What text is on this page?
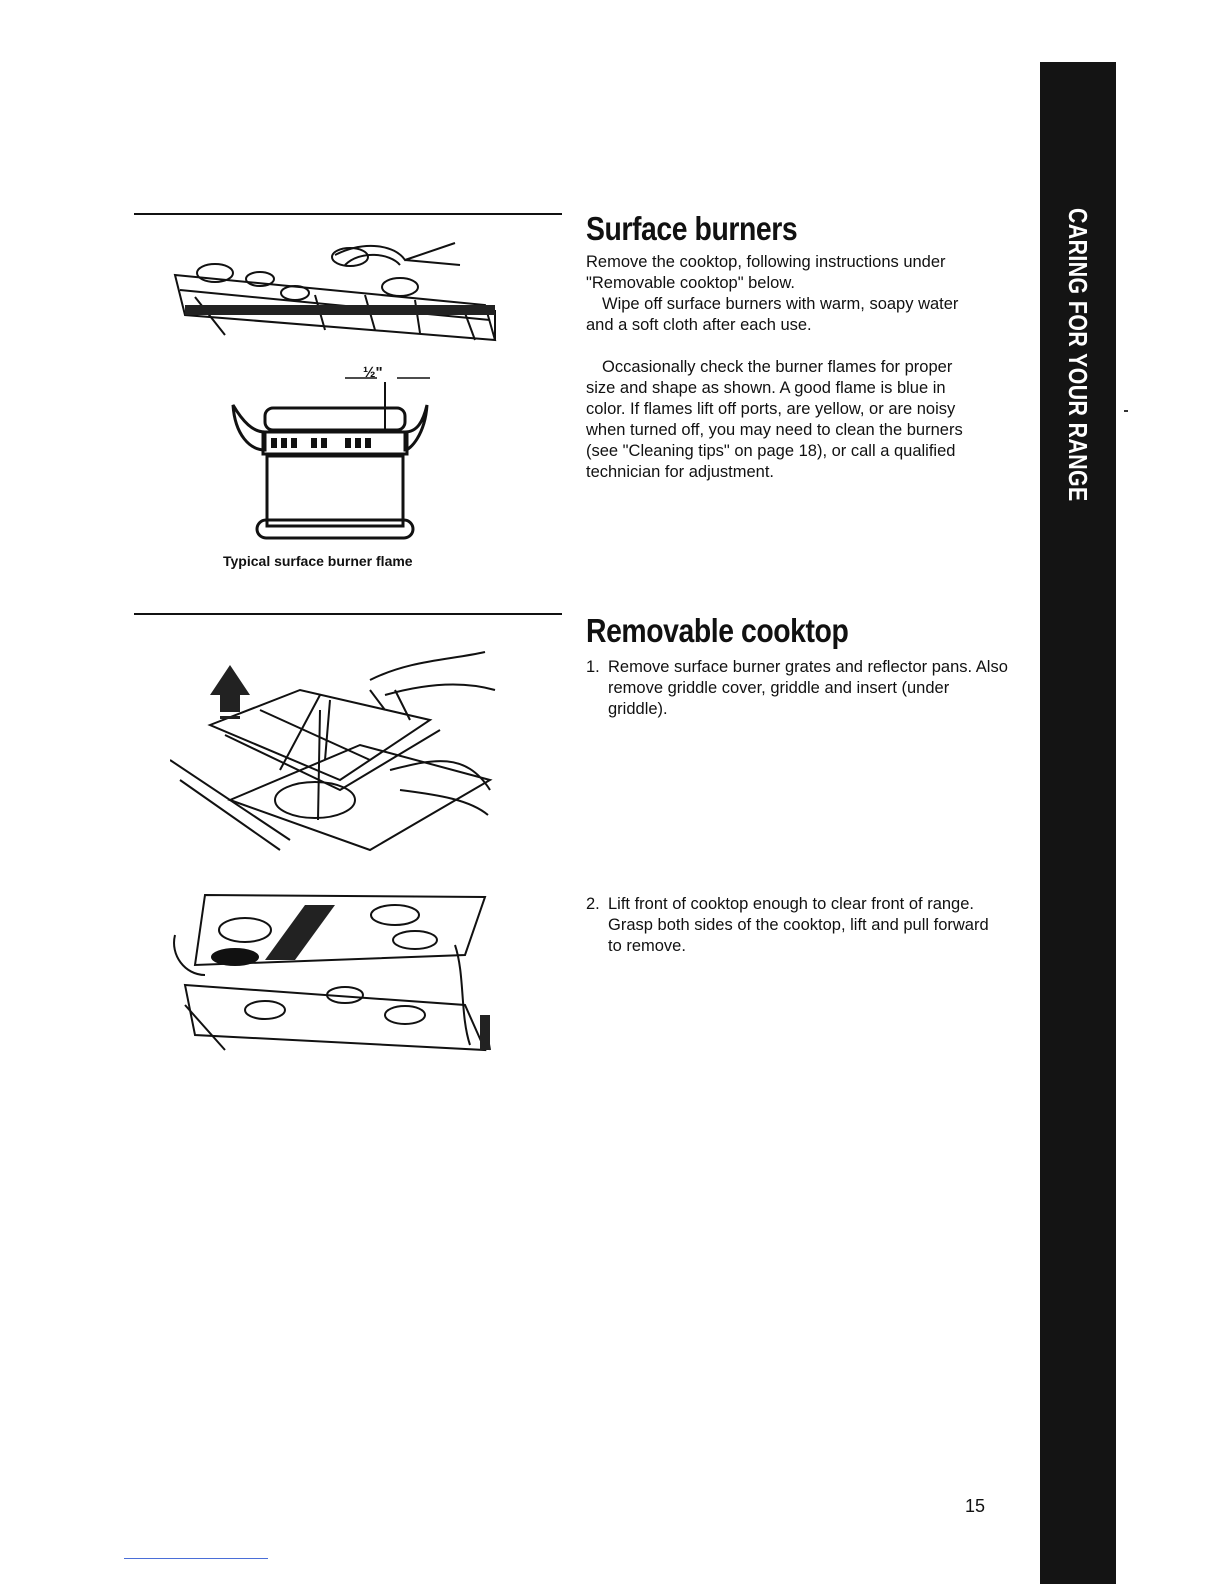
CARING FOR YOUR RANGE
Surface burners

Remove the cooktop, following instructions under "Removable cooktop" below.

Wipe off surface burners with warm, soapy water and a soft cloth after each use.

Occasionally check the burner flames for proper size and shape as shown. A good flame is blue in color. If flames lift off ports, are yellow, or are noisy when turned off, you may need to clean the burners (see "Cleaning tips" on page 18), or call a qualified technician for adjustment.

½"

Typical surface burner flame

Removable cooktop
1. Remove surface burner grates and reflector pans. Also remove griddle cover, griddle and insert (under griddle).
2. Lift front of cooktop enough to clear front of range. Grasp both sides of the cooktop, lift and pull forward to remove.
15
